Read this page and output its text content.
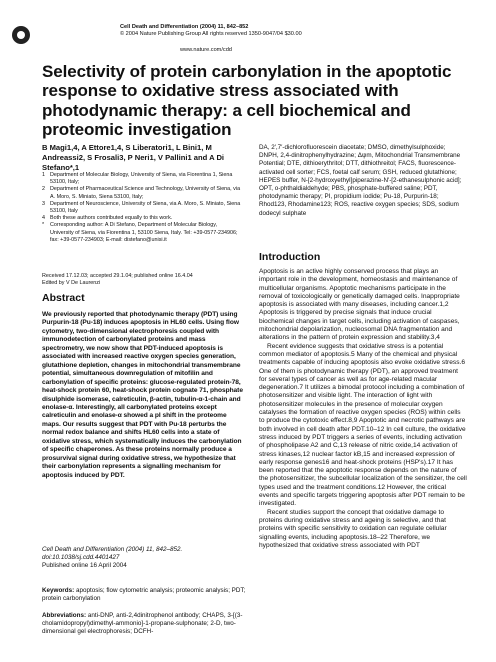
Cell Death and Differentiation (2004) 11, 842–852
© 2004 Nature Publishing Group All rights reserved 1350-9047/04 $30.00
www.nature.com/cdd
Selectivity of protein carbonylation in the apoptotic response to oxidative stress associated with photodynamic therapy: a cell biochemical and proteomic investigation
B Magi1,4, A Ettore1,4, S Liberatori1, L Bini1, M Andreassi2, S Frosali3, P Neri1, V Pallini1 and A Di Stefano*,1
1 Department of Molecular Biology, University of Siena, via Fiorentina 1, Siena 53100, Italy;
2 Department of Pharmaceutical Science and Technology, University of Siena, via A. Moro, S. Miniato, Siena 53100, Italy;
3 Department of Neuroscience, University of Siena, via A. Moro, S. Miniato, Siena 53100, Italy
4 Both these authors contributed equally to this work.
*	Corresponding author: A Di Stefano, Department of Molecular Biology, University of Siena, via Fiorentina 1, 53100 Siena, Italy. Tel: +39-0577-234906; fax: +39-0577-234903; E-mail: distefano@unisi.it
Received 17.12.03; accepted 29.1.04; published online 16.4.04
Edited by V De Laurenzi
Abstract
We previously reported that photodynamic therapy (PDT) using Purpurin-18 (Pu-18) induces apoptosis in HL60 cells. Using flow cytometry, two-dimensional electrophoresis coupled with immunodetection of carbonylated proteins and mass spectrometry, we now show that PDT-induced apoptosis is associated with increased reactive oxygen species generation, glutathione depletion, changes in mitochondrial transmembrane potential, simultaneous downregulation of mitofilin and carbonylation of specific proteins: glucose-regulated protein-78, heat-shock protein 60, heat-shock protein cognate 71, phosphate disulphide isomerase, calreticulin, β-actin, tubulin-α-1-chain and enolase-α. Interestingly, all carbonylated proteins except calreticulin and enolase-α showed a pI shift in the proteome maps. Our results suggest that PDT with Pu-18 perturbs the normal redox balance and shifts HL60 cells into a state of oxidative stress, which systematically induces the carbonylation of specific chaperones. As these proteins normally produce a prosurvival signal during oxidative stress, we hypothesize that their carbonylation represents a signalling mechanism for apoptosis induced by PDT.
Cell Death and Differentiation (2004) 11, 842–852. doi:10.1038/sj.cdd.4401427
Published online 16 April 2004
Keywords: apoptosis; flow cytometric analysis; proteomic analysis; PDT; protein carbonylation
Abbreviations: anti-DNP, anti-2,4dinitrophenol antibody; CHAPS, 3-[(3-cholamidopropyl)dimethyl-ammonio]-1-propane-sulphonate; 2-D, two-dimensional gel electrophoresis; DCFH-
DA, 2′,7′-dichlorofluorescein diacetate; DMSO, dimethylsulphoxide; DNPH, 2,4-dinitrophenylhydrazine; Δψm, Mitochondrial Transmembrane Potential; DTE, dithioerythritol; DTT, dithiothreitol; FACS, fluorescence-activated cell sorter; FCS, foetal calf serum; GSH, reduced glutathione; HEPES buffer, N-[2-hydroxyethyl]piperazine-N′-[2-ethanesulphonic acid]; OPT, o-phthaldialdehyde; PBS, phosphate-buffered saline; PDT, photodynamic therapy; PI, propidium iodide; Pu-18, Purpurin-18; Rhod123, Rhodamine123; ROS, reactive oxygen species; SDS, sodium dodecyl sulphate
Introduction

Apoptosis is an active highly conserved process that plays an important role in the development, homeostasis and maintenance of multicellular organisms. Apoptotic mechanisms participate in the removal of toxicologically or genetically damaged cells. Inappropriate apoptosis is associated with many diseases, including cancer.1,2 Apoptosis is triggered by precise signals that induce crucial biochemical changes in target cells, including activation of caspases, mitochondrial depolarization, nucleosomal DNA fragmentation and alterations in the pattern of protein expression and stability.3,4

Recent evidence suggests that oxidative stress is a potential common mediator of apoptosis.5 Many of the chemical and physical treatments capable of inducing apoptosis also evoke oxidative stress.6 One of them is photodynamic therapy (PDT), an approved treatment for several types of cancer as well as for age-related macular degeneration.7 It utilizes a bimodal protocol including a combination of photosensitizer and visible light. The interaction of light with photosensitizer molecules in the presence of molecular oxygen catalyses the formation of reactive oxygen species (ROS) within cells to produce the cytotoxic effect.8,9 Apoptotic and necrotic pathways are both involved in cell death after PDT.10–12 In cell culture, the oxidative stress induced by PDT triggers a series of events, including activation of phospholipase A2 and C,13 release of nitric oxide,14 activation of stress kinases,12 nuclear factor kB,15 and increased expression of early response genes16 and heat-shock proteins (HSP's).17 It has been reported that the apoptotic response depends on the nature of the photosensitizer, the subcellular localization of the sensitizer, the cell types used and the treatment conditions.12 However, the critical events and specific targets triggering apoptosis after PDT remain to be investigated.

Recent studies support the concept that oxidative damage to proteins during oxidative stress and ageing is selective, and that proteins with specific sensitivity to oxidation can regulate cellular signalling events, including apoptosis.18–22 Therefore, we hypothesized that oxidative stress associated with PDT
